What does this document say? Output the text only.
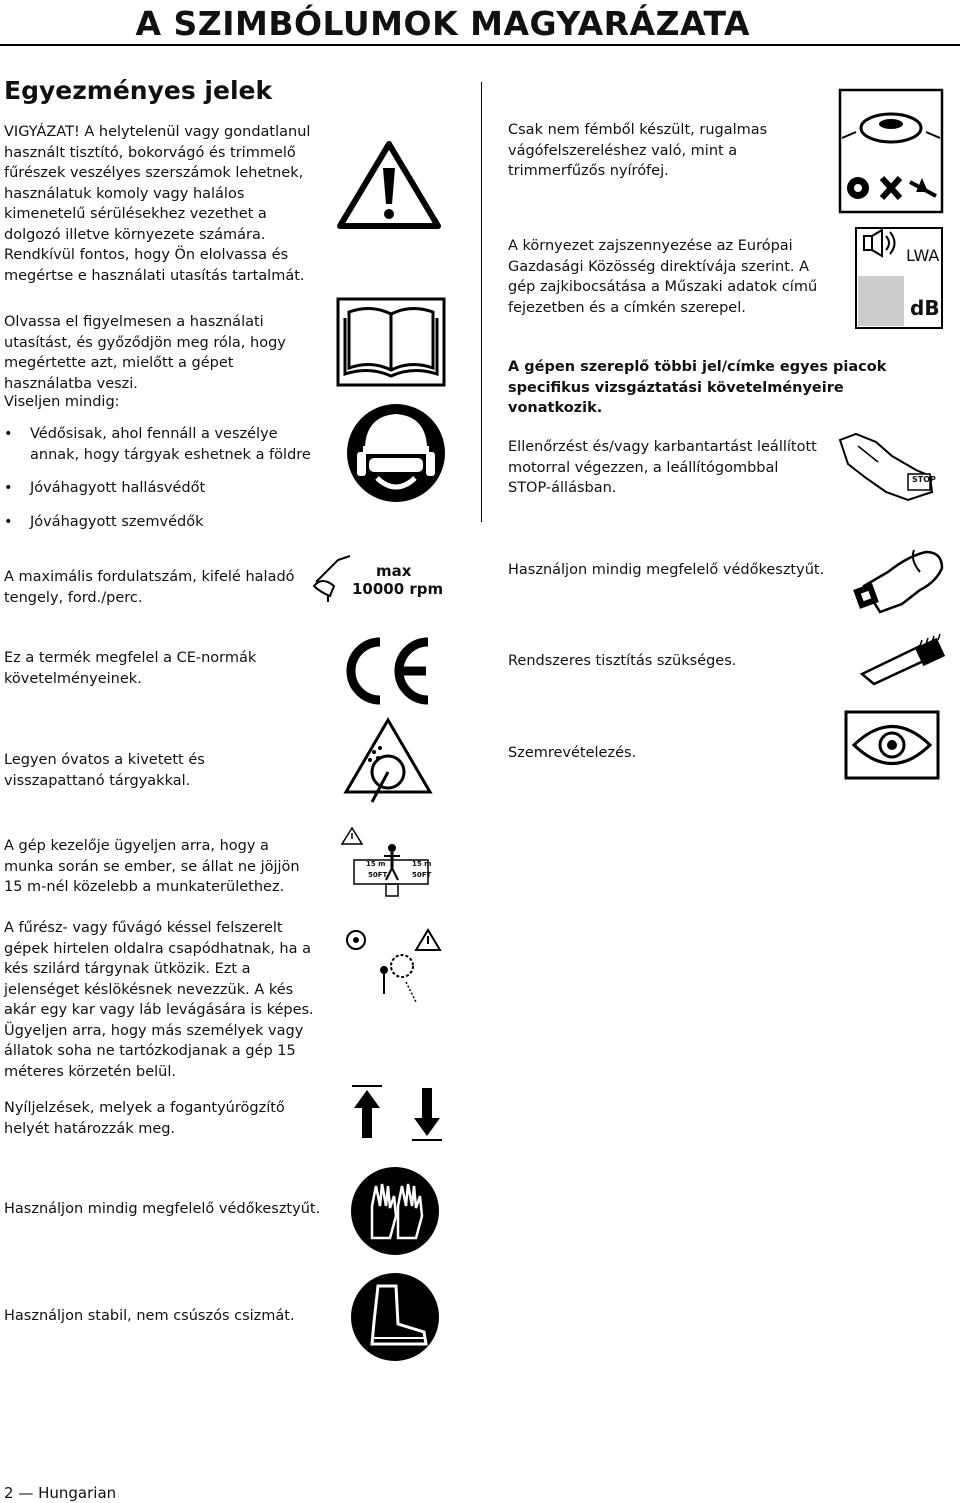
A SZIMBÓLUMOK MAGYARÁZATA
Egyezményes jelek
VIGYÁZAT! A helytelenül vagy gondatlanul használt tisztító, bokorvágó és trimmelő fűrészek veszélyes szerszámok lehetnek, használatuk komoly vagy halálos kimenetelű sérülésekhez vezethet a dolgozó illetve környezete számára. Rendkívül fontos, hogy Ön elolvassa és megértse e használati utasítás tartalmát.
Olvassa el figyelmesen a használati utasítást, és győződjön meg róla, hogy megértette azt, mielőtt a gépet használatba veszi.
Viseljen mindig:
• Védősisak, ahol fennáll a veszélye annak, hogy tárgyak eshetnek a földre
• Jóváhagyott hallásvédőt
• Jóváhagyott szemvédők
A maximális fordulatszám, kifelé haladó tengely, ford./perc.
max
10000 rpm
Ez a termék megfelel a CE-normák követelményeinek.
Legyen óvatos a kivetett és visszapattanó tárgyakkal.
A gép kezelője ügyeljen arra, hogy a munka során se ember, se állat ne jöjjön 15 m-nél közelebb a munkaterülethez.
15 m
50FT
15 m
50FT
A fűrész- vagy fűvágó késsel felszerelt gépek hirtelen oldalra csapódhatnak, ha a kés szilárd tárgynak ütközik. Ezt a jelenséget késlökésnek nevezzük. A kés akár egy kar vagy láb levágására is képes. Ügyeljen arra, hogy más személyek vagy állatok soha ne tartózkodjanak a gép 15 méteres körzetén belül.
Nyíljelzések, melyek a fogantyúrögzítő helyét határozzák meg.
Használjon mindig megfelelő védőkesztyűt.
Használjon stabil, nem csúszós csizmát.
Csak nem fémből készült, rugalmas vágófelszereléshez való, mint a trimmerfűzős nyírófej.
A környezet zajszennyezése az Európai Gazdasági Közösség direktívája szerint. A gép zajkibocsátása a Műszaki adatok című fejezetben és a címkén szerepel.
LWA
dB
A gépen szereplő többi jel/címke egyes piacok specifikus vizsgáztatási követelményeire vonatkozik.
Ellenőrzést és/vagy karbantartást leállított motorral végezzen, a leállítógombbal STOP-állásban.
STOP
Használjon mindig megfelelő védőkesztyűt.
Rendszeres tisztítás szükséges.
Szemrevételezés.
2 — Hungarian
